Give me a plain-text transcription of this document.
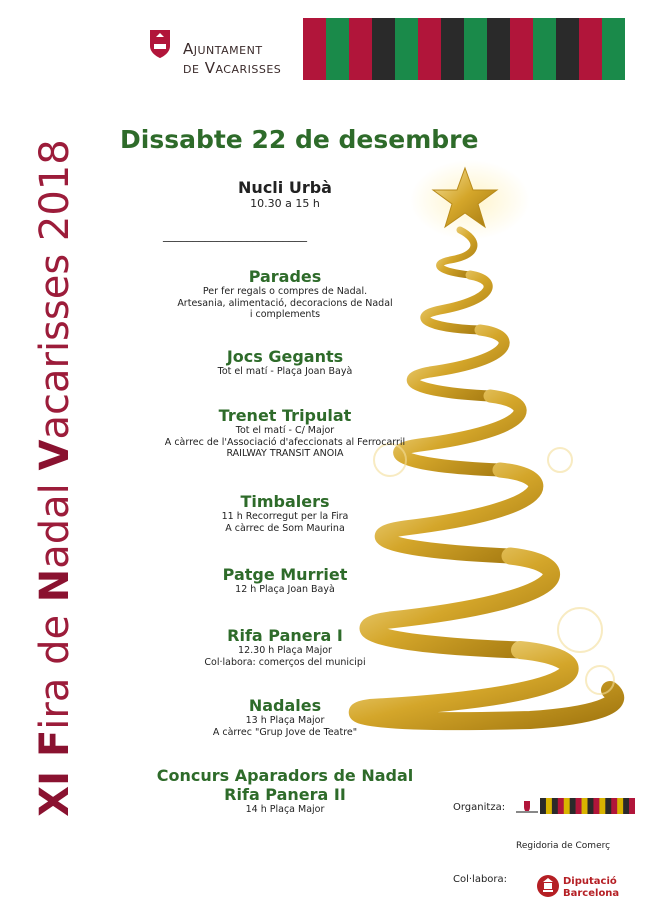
Ajuntament
de Vacarisses
XI Fira de Nadal Vacarisses 2018 Dissabte 22 de desembre
Nucli Urbà
10.30 a 15 h
________________________
Parades
Per fer regals o compres de Nadal.
Artesania, alimentació, decoracions de Nadal
i complements
Jocs Gegants
Tot el matí - Plaça Joan Bayà
Trenet Tripulat
Tot el matí - C/ Major
A càrrec de l'Associació d'afeccionats al Ferrocarril
RAILWAY TRANSIT ANOIA
Timbalers
11 h Recorregut per la Fira
A càrrec de Som Maurina
Patge Murriet
12 h Plaça Joan Bayà
Rifa Panera I
12.30 h Plaça Major
Col·labora: comerços del municipi
Nadales
13 h Plaça Major
A càrrec "Grup Jove de Teatre"
Concurs Aparadors de Nadal
Rifa Panera II
14 h Plaça Major	Organitza:
Regidoria de Comerç
Col·labora:	Diputació
Barcelona
